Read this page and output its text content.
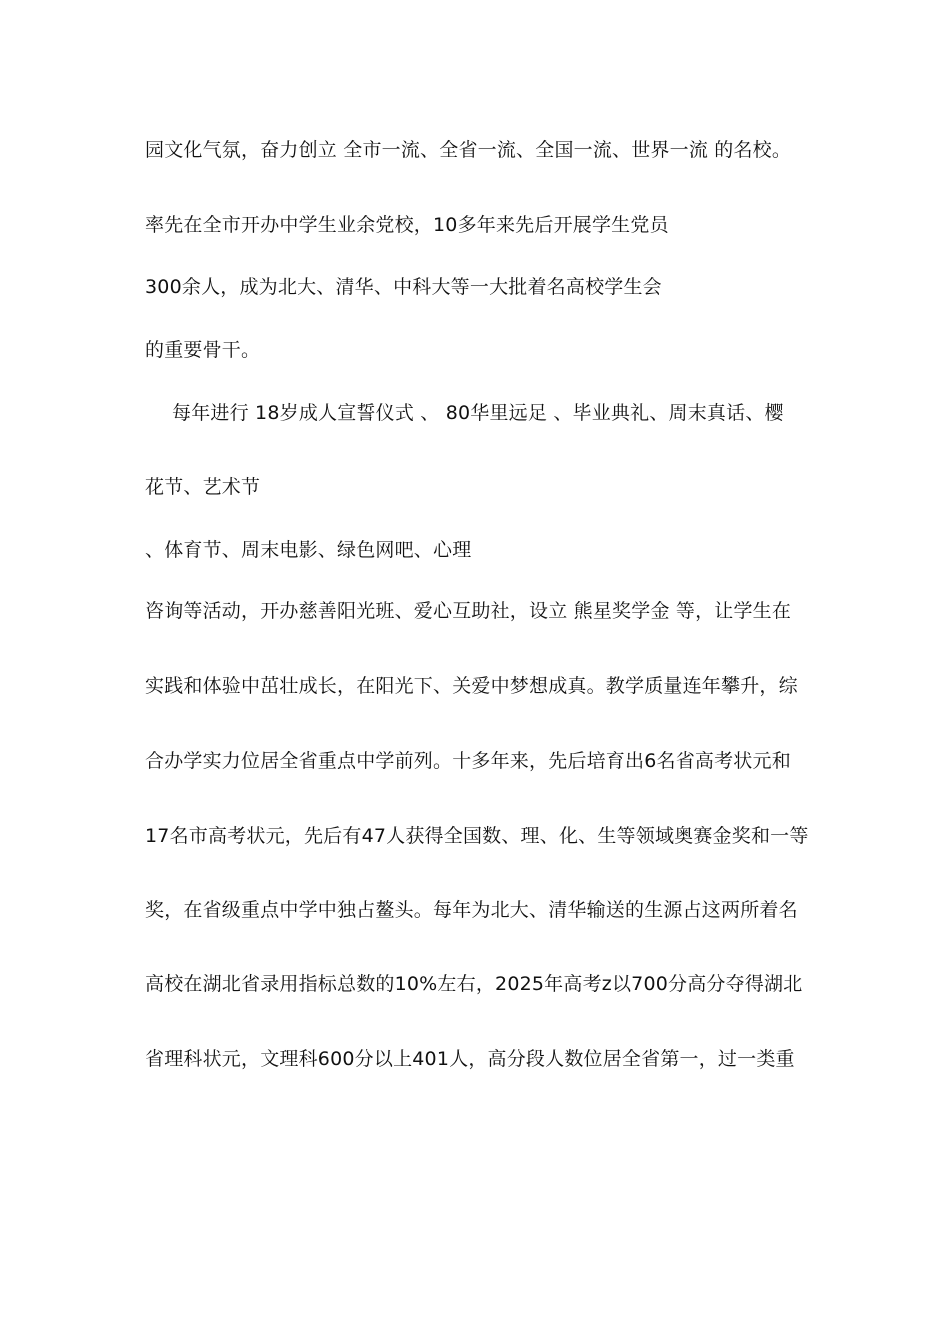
园文化气氛，奋力创立 全市一流、全省一流、全国一流、世界一流 的名校。
率先在全市开办中学生业余党校，10多年来先后开展学生党员
300余人，成为北大、清华、中科大等一大批着名高校学生会
的重要骨干。
每年进行 18岁成人宣誓仪式 、 80华里远足 、毕业典礼、周末真话、樱
花节、艺术节
、体育节、周末电影、绿色网吧、心理
咨询等活动，开办慈善阳光班、爱心互助社，设立 熊星奖学金 等，让学生在
实践和体验中茁壮成长，在阳光下、关爱中梦想成真。教学质量连年攀升，综
合办学实力位居全省重点中学前列。十多年来，先后培育出6名省高考状元和
17名市高考状元，先后有47人获得全国数、理、化、生等领域奥赛金奖和一等
奖，在省级重点中学中独占鳌头。每年为北大、清华输送的生源占这两所着名
高校在湖北省录用指标总数的10%左右，2025年高考z以700分高分夺得湖北
省理科状元，文理科600分以上401人，高分段人数位居全省第一，过一类重
